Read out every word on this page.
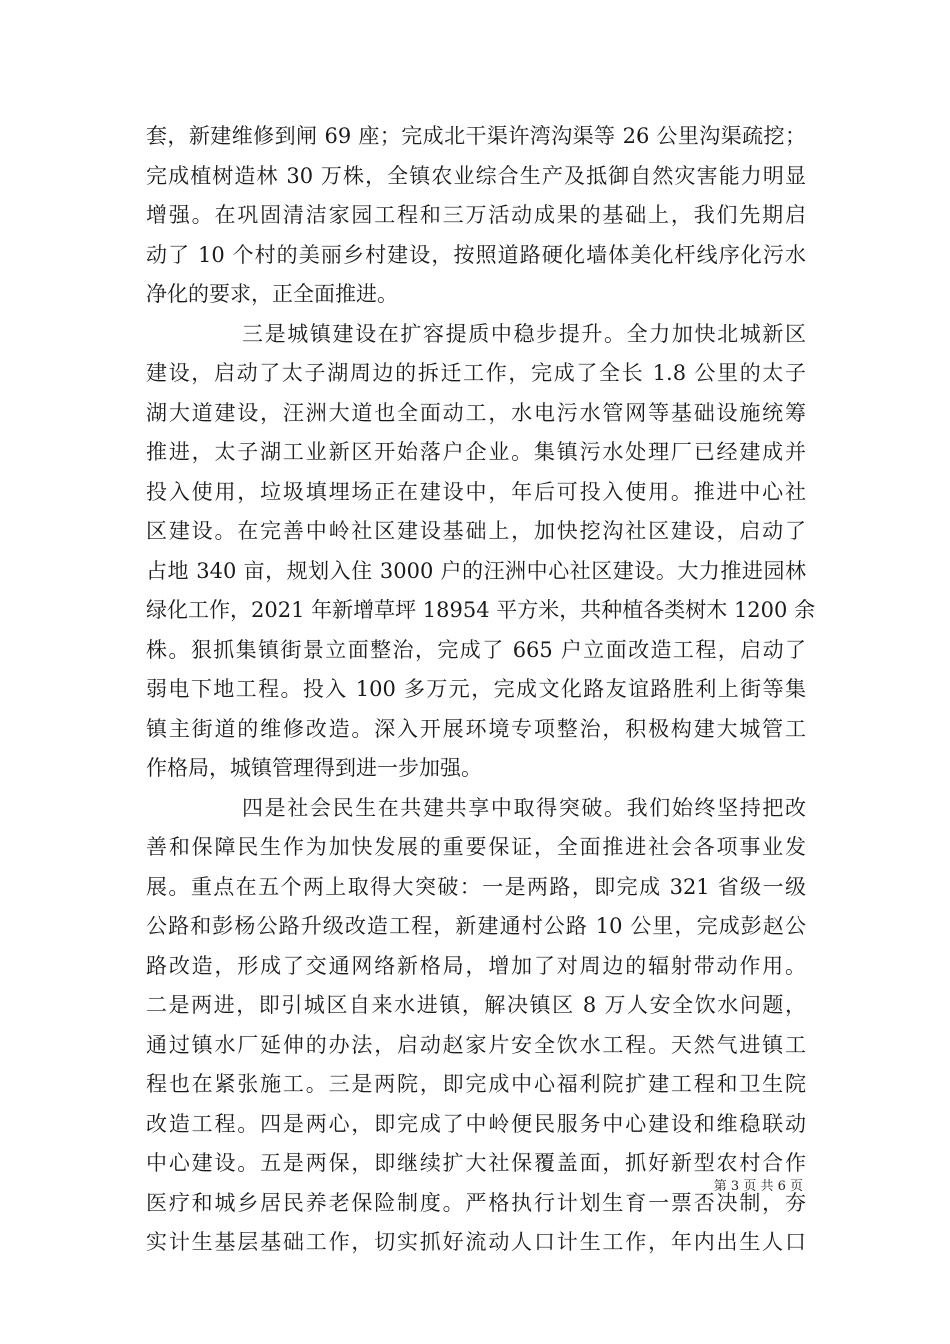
套，新建维修到闸 69 座；完成北干渠许湾沟渠等 26 公里沟渠疏挖；
完成植树造林 30 万株，全镇农业综合生产及抵御自然灾害能力明显
增强。在巩固清洁家园工程和三万活动成果的基础上，我们先期启
动了 10 个村的美丽乡村建设，按照道路硬化墙体美化杆线序化污水
净化的要求，正全面推进。
三是城镇建设在扩容提质中稳步提升。全力加快北城新区
建设，启动了太子湖周边的拆迁工作，完成了全长 1.8 公里的太子
湖大道建设，汪洲大道也全面动工，水电污水管网等基础设施统筹
推进，太子湖工业新区开始落户企业。集镇污水处理厂已经建成并
投入使用，垃圾填埋场正在建设中，年后可投入使用。推进中心社
区建设。在完善中岭社区建设基础上，加快挖沟社区建设，启动了
占地 340 亩，规划入住 3000 户的汪洲中心社区建设。大力推进园林
绿化工作，2021 年新增草坪 18954 平方米，共种植各类树木 1200 余
株。狠抓集镇街景立面整治，完成了 665 户立面改造工程，启动了
弱电下地工程。投入 100 多万元，完成文化路友谊路胜利上街等集
镇主街道的维修改造。深入开展环境专项整治，积极构建大城管工
作格局，城镇管理得到进一步加强。
四是社会民生在共建共享中取得突破。我们始终坚持把改
善和保障民生作为加快发展的重要保证，全面推进社会各项事业发
展。重点在五个两上取得大突破：一是两路，即完成 321 省级一级
公路和彭杨公路升级改造工程，新建通村公路 10 公里，完成彭赵公
路改造，形成了交通网络新格局，增加了对周边的辐射带动作用。
二是两进，即引城区自来水进镇，解决镇区 8 万人安全饮水问题，
通过镇水厂延伸的办法，启动赵家片安全饮水工程。天然气进镇工
程也在紧张施工。三是两院，即完成中心福利院扩建工程和卫生院
改造工程。四是两心，即完成了中岭便民服务中心建设和维稳联动
中心建设。五是两保，即继续扩大社保覆盖面，抓好新型农村合作
医疗和城乡居民养老保险制度。严格执行计划生育一票否决制，夯
实计生基层基础工作，切实抓好流动人口计生工作，年内出生人口
第 3 页 共 6 页
